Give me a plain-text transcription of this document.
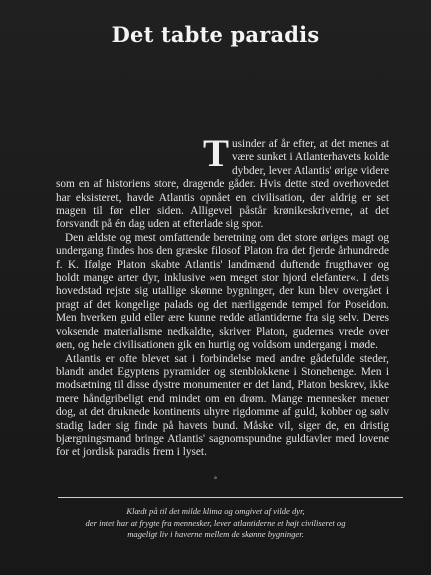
Det tabte paradis

Tusinder af år efter, at det menes at være sunket i Atlanterhavets kolde dybder, lever Atlantis' ørige videre som en af historiens store, dragende gåder. Hvis dette sted overhovedet har eksisteret, havde Atlantis opnået en civilisation, der aldrig er set magen til før eller siden. Alligevel påstår krønikeskriverne, at det forsvandt på én dag uden at efterlade sig spor.

Den ældste og mest omfattende beretning om det store øriges magt og undergang findes hos den græske filosof Platon fra det fjerde århundrede f. K. Ifølge Platon skabte Atlantis' landmænd duftende frugthaver og holdt mange arter dyr, inklusive »en meget stor hjord elefanter«. I dets hovedstad rejste sig utallige skønne bygninger, der kun blev overgået i pragt af det kongelige palads og det nærliggende tempel for Poseidon. Men hverken guld eller ære kunne redde atlantiderne fra sig selv. Deres voksende materialisme nedkaldte, skriver Platon, gudernes vrede over øen, og hele civilisationen gik en hurtig og voldsom undergang i møde.

Atlantis er ofte blevet sat i forbindelse med andre gådefulde steder, blandt andet Egyptens pyramider og stenblokkene i Stonehenge. Men i modsætning til disse dystre monumenter er det land, Platon beskrev, ikke mere håndgribeligt end mindet om en drøm. Mange mennesker mener dog, at det druknede kontinents uhyre rigdomme af guld, kobber og sølv stadig lader sig finde på havets bund. Måske vil, siger de, en dristig bjærgningsmand bringe Atlantis' sagnomspundne guldtavler med lovene for et jordisk paradis frem i lyset.

°
Klædt på til det milde klima og omgivet af vilde dyr,
der intet har at frygte fra mennesker, lever atlantiderne et højt civiliseret og
mageligt liv i haverne mellem de skønne bygninger.
